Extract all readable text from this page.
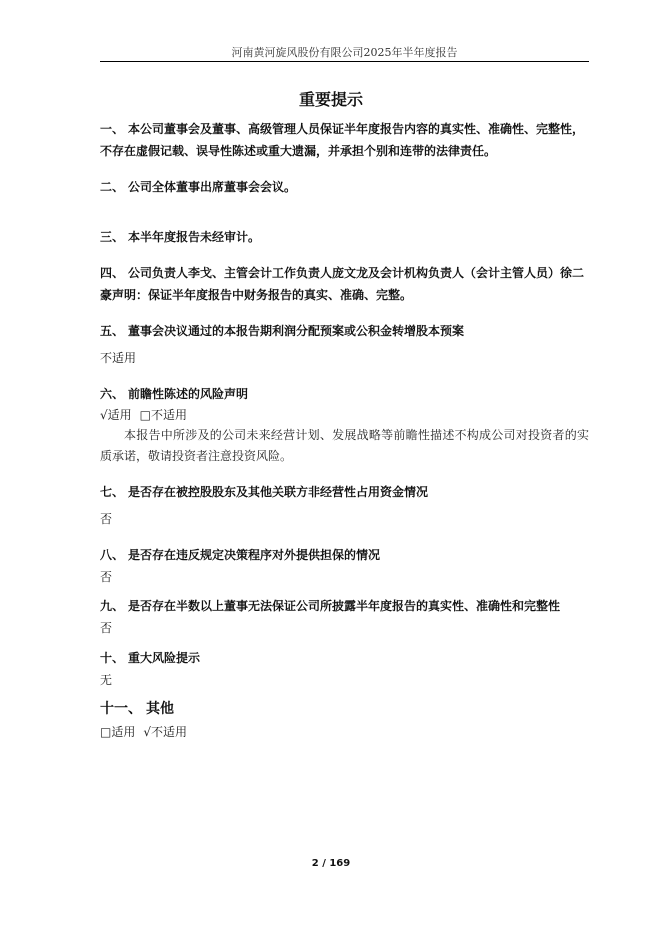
河南黄河旋风股份有限公司2025年半年度报告
重要提示
一、 本公司董事会及董事、高级管理人员保证半年度报告内容的真实性、准确性、完整性，不存在虚假记载、误导性陈述或重大遗漏，并承担个别和连带的法律责任。
二、 公司全体董事出席董事会会议。
三、 本半年度报告未经审计。
四、 公司负责人李戈、主管会计工作负责人庞文龙及会计机构负责人（会计主管人员）徐二豪声明：保证半年度报告中财务报告的真实、准确、完整。
五、 董事会决议通过的本报告期利润分配预案或公积金转增股本预案
不适用
六、 前瞻性陈述的风险声明
√适用 □不适用
本报告中所涉及的公司未来经营计划、发展战略等前瞻性描述不构成公司对投资者的实质承诺，敬请投资者注意投资风险。
七、 是否存在被控股股东及其他关联方非经营性占用资金情况
否
八、 是否存在违反规定决策程序对外提供担保的情况
否
九、 是否存在半数以上董事无法保证公司所披露半年度报告的真实性、准确性和完整性
否
十、 重大风险提示
无
十一、 其他
□适用 √不适用
2 / 169
